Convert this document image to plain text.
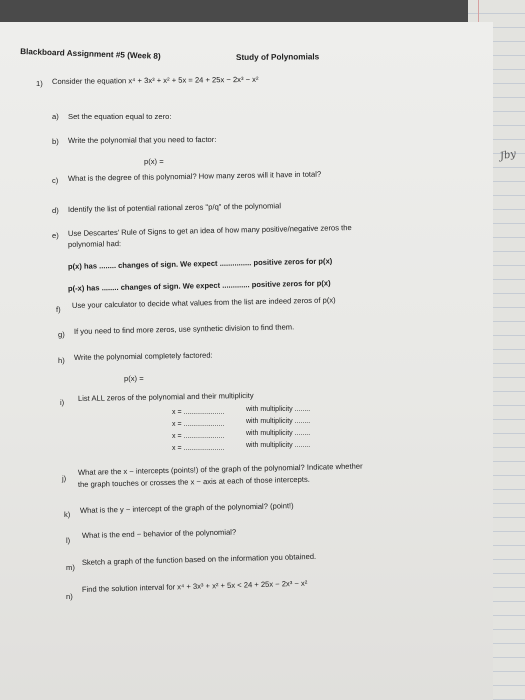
Jby
Blackboard Assignment #5 (Week 8)	Study of Polynomials
1) Consider the equation x⁴ + 3x³ + x² + 5x = 24 + 25x − 2x³ − x²
a) Set the equation equal to zero:
b) Write the polynomial that you need to factor:
p(x) =
c) What is the degree of this polynomial? How many zeros will it have in total?
d) Identify the list of potential rational zeros "p/q" of the polynomial
e) Use Descartes' Rule of Signs to get an idea of how many positive/negative zeros the
polynomial had:
p(x) has ........ changes of sign. We expect ............... positive zeros for p(x)
p(-x) has ........ changes of sign. We expect ............. positive zeros for p(x)
f) Use your calculator to decide what values from the list are indeed zeros of p(x)
g) If you need to find more zeros, use synthetic division to find them.
h) Write the polynomial completely factored:
p(x) =
i) List ALL zeros of the polynomial and their multiplicity
x = .....................	with multiplicity ........
x = .....................	with multiplicity ........
x = .....................	with multiplicity ........
x = .....................	with multiplicity ........
j)
What are the x − intercepts (points!) of the graph of the polynomial? Indicate whether
the graph touches or crosses the x − axis at each of those intercepts.
k) What is the y − intercept of the graph of the polynomial? (point!)
l)
What is the end − behavior of the polynomial?
m)
Sketch a graph of the function based on the information you obtained.
n)
Find the solution interval for x⁴ + 3x³ + x² + 5x < 24 + 25x − 2x³ − x²
